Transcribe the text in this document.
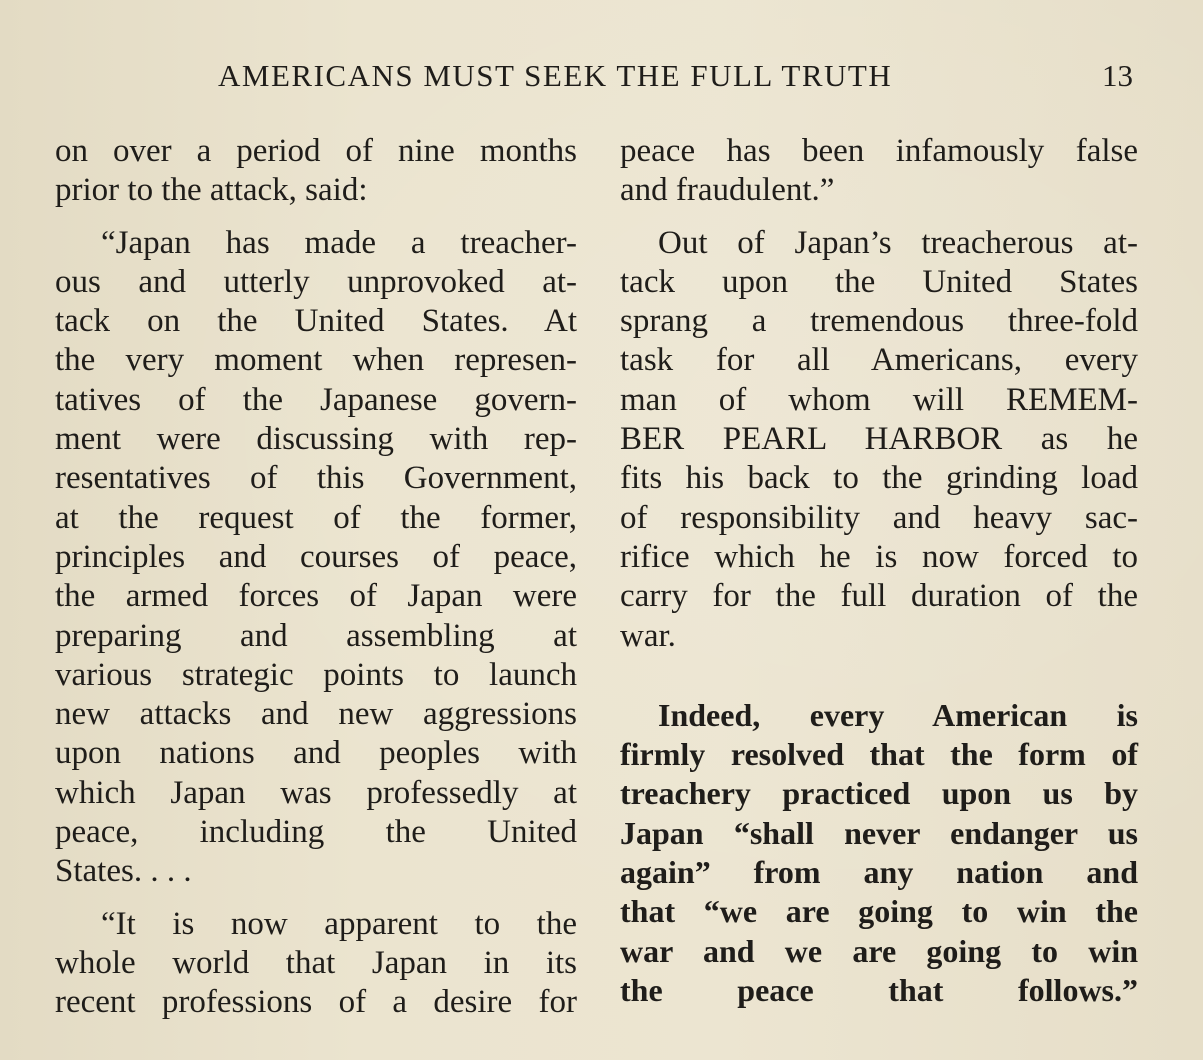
AMERICANS MUST SEEK THE FULL TRUTH	13
on over a period of nine months
prior to the attack, said:
“Japan has made a treacher-
ous and utterly unprovoked at-
tack on the United States. At
the very moment when represen-
tatives of the Japanese govern-
ment were discussing with rep-
resentatives of this Government,
at the request of the former,
principles and courses of peace,
the armed forces of Japan were
preparing and assembling at
various strategic points to launch
new attacks and new aggressions
upon nations and peoples with
which Japan was professedly at
peace, including the United
States. . . .
“It is now apparent to the
whole world that Japan in its
recent professions of a desire for
peace has been infamously false
and fraudulent.”
Out of Japan’s treacherous at-
tack upon the United States
sprang a tremendous three-fold
task for all Americans, every
man of whom will REMEM-
BER PEARL HARBOR as he
fits his back to the grinding load
of responsibility and heavy sac-
rifice which he is now forced to
carry for the full duration of the
war.
Indeed, every American is
firmly resolved that the form of
treachery practiced upon us by
Japan “shall never endanger us
again” from any nation and
that “we are going to win the
war and we are going to win
the peace that follows.”
